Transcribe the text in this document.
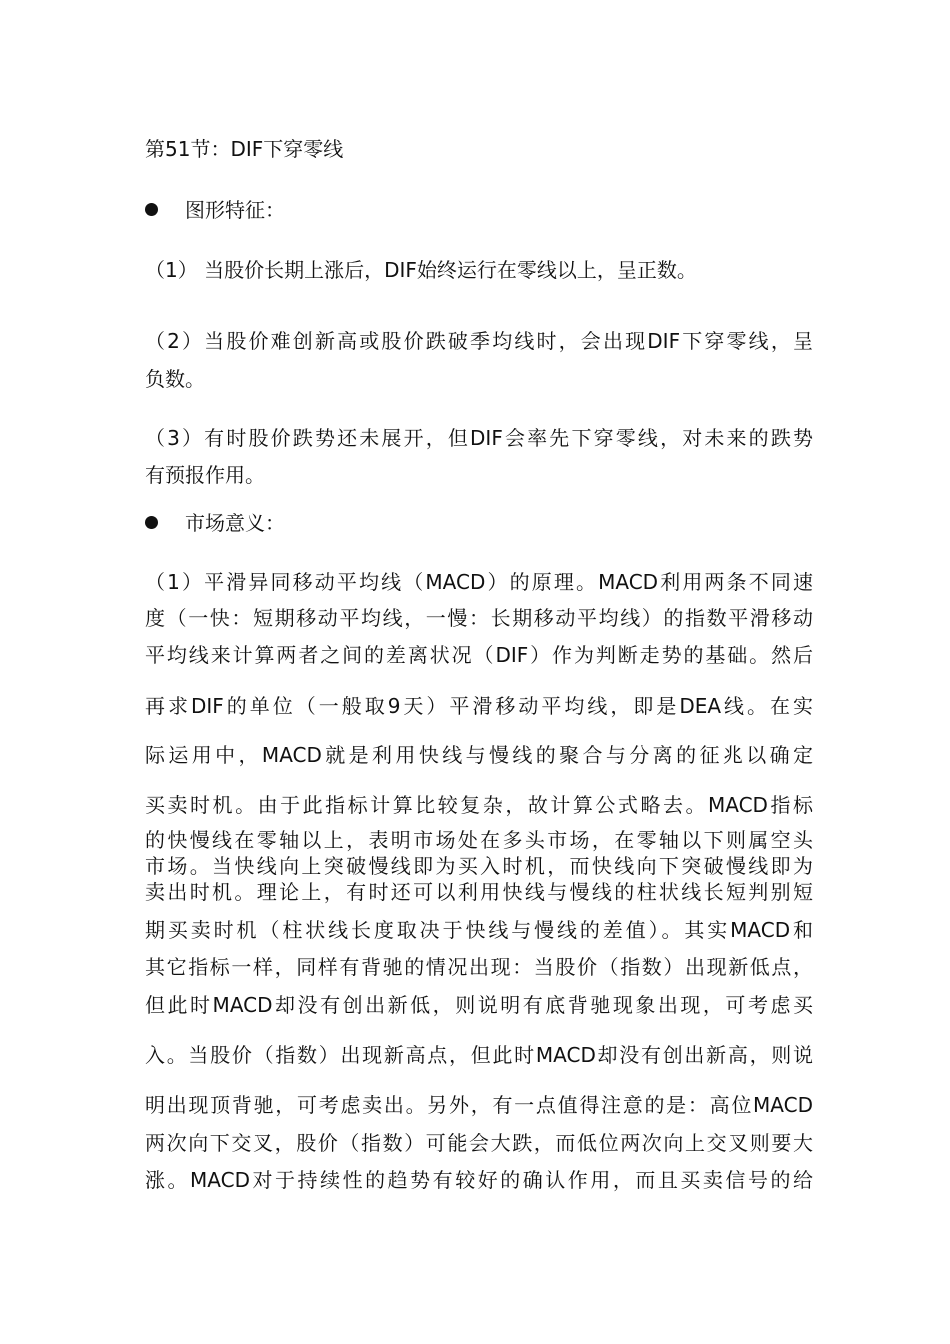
第51节：DIF下穿零线
图形特征：
（1） 当股价长期上涨后，DIF始终运行在零线以上，呈正数。
（2）当股价难创新高或股价跌破季均线时，会出现DIF下穿零线，呈
负数。
（3）有时股价跌势还未展开，但DIF会率先下穿零线，对未来的跌势
有预报作用。
市场意义：
（1）平滑异同移动平均线（MACD）的原理。MACD利用两条不同速
度（一快：短期移动平均线，一慢：长期移动平均线）的指数平滑移动
平均线来计算两者之间的差离状况（DIF）作为判断走势的基础。然后
再求DIF的单位（一般取9天）平滑移动平均线，即是DEA线。在实
际运用中，MACD就是利用快线与慢线的聚合与分离的征兆以确定
买卖时机。由于此指标计算比较复杂，故计算公式略去。MACD指标
的快慢线在零轴以上，表明市场处在多头市场，在零轴以下则属空头
市场。当快线向上突破慢线即为买入时机，而快线向下突破慢线即为
卖出时机。理论上，有时还可以利用快线与慢线的柱状线长短判别短
期买卖时机（柱状线长度取决于快线与慢线的差值）。其实MACD和
其它指标一样，同样有背驰的情况出现：当股价（指数）出现新低点，
但此时MACD却没有创出新低，则说明有底背驰现象出现，可考虑买
入。当股价（指数）出现新高点，但此时MACD却没有创出新高，则说
明出现顶背驰，可考虑卖出。另外，有一点值得注意的是：高位MACD
两次向下交叉，股价（指数）可能会大跌，而低位两次向上交叉则要大
涨。MACD对于持续性的趋势有较好的确认作用，而且买卖信号的给
